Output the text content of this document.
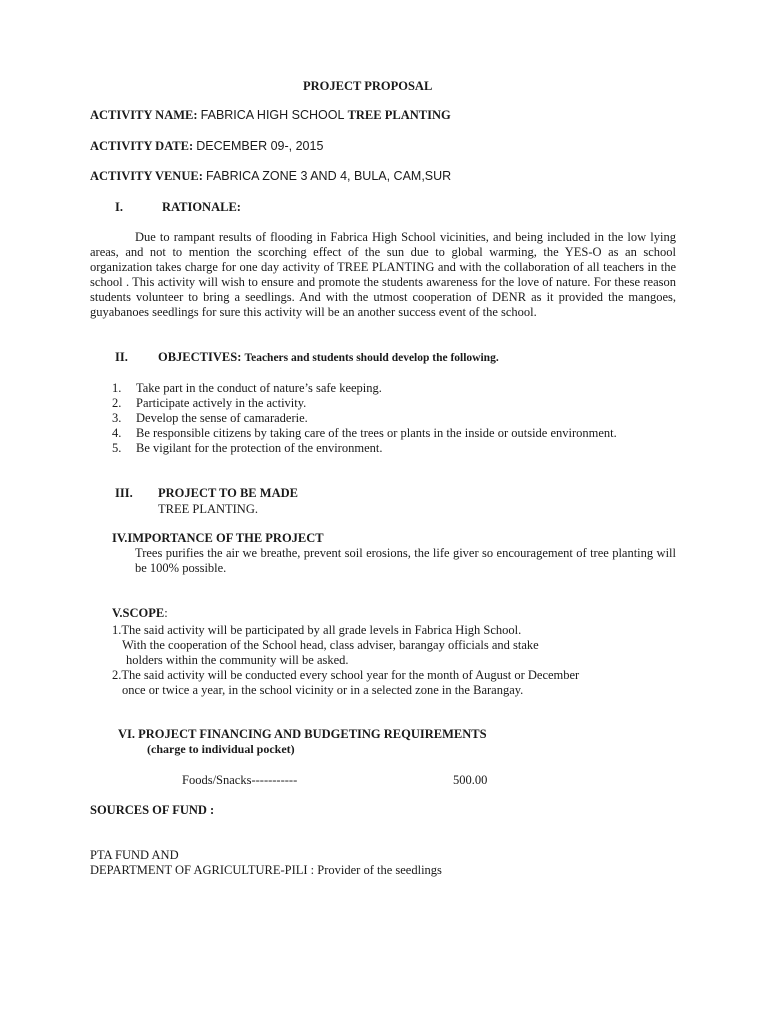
PROJECT PROPOSAL
ACTIVITY NAME: FABRICA HIGH SCHOOL TREE PLANTING
ACTIVITY DATE: DECEMBER 09-, 2015
ACTIVITY VENUE: FABRICA ZONE 3 AND 4, BULA, CAM,SUR
I.	RATIONALE:
Due to rampant results of flooding in Fabrica High School vicinities, and being included in the low lying areas, and not to mention the scorching effect of the sun due to global warming, the YES-O as an school organization takes charge for one day activity of TREE PLANTING and with the collaboration of all teachers in the school . This activity will wish to ensure and promote the students awareness for the love of nature. For these reason students volunteer to bring a seedlings. And with the utmost cooperation of DENR as it provided the mangoes, guyabanoes seedlings for sure this activity will be an another success event of the school.
II. OBJECTIVES: Teachers and students should develop the following.
1. Take part in the conduct of nature’s safe keeping.
2. Participate actively in the activity.
3. Develop the sense of camaraderie.
4. Be responsible citizens by taking care of the trees or plants in the inside or outside environment.
5. Be vigilant for the protection of the environment.
III. PROJECT TO BE MADE
TREE PLANTING.
IV.IMPORTANCE OF THE PROJECT
Trees purifies the air we breathe, prevent soil erosions, the life giver so encouragement of tree planting will be 100% possible.
V.SCOPE:
1.The said activity will be participated by all grade levels in Fabrica High School.
With the cooperation of the School head, class adviser, barangay officials and stake
holders within the community will be asked.
2.The said activity will be conducted every school year for the month of August or December
once or twice a year, in the school vicinity or in a selected zone in the Barangay.
VI. PROJECT FINANCING AND BUDGETING REQUIREMENTS
(charge to individual pocket)
Foods/Snacks-----------	500.00
SOURCES OF FUND :
PTA FUND AND
DEPARTMENT OF AGRICULTURE-PILI : Provider of the seedlings
